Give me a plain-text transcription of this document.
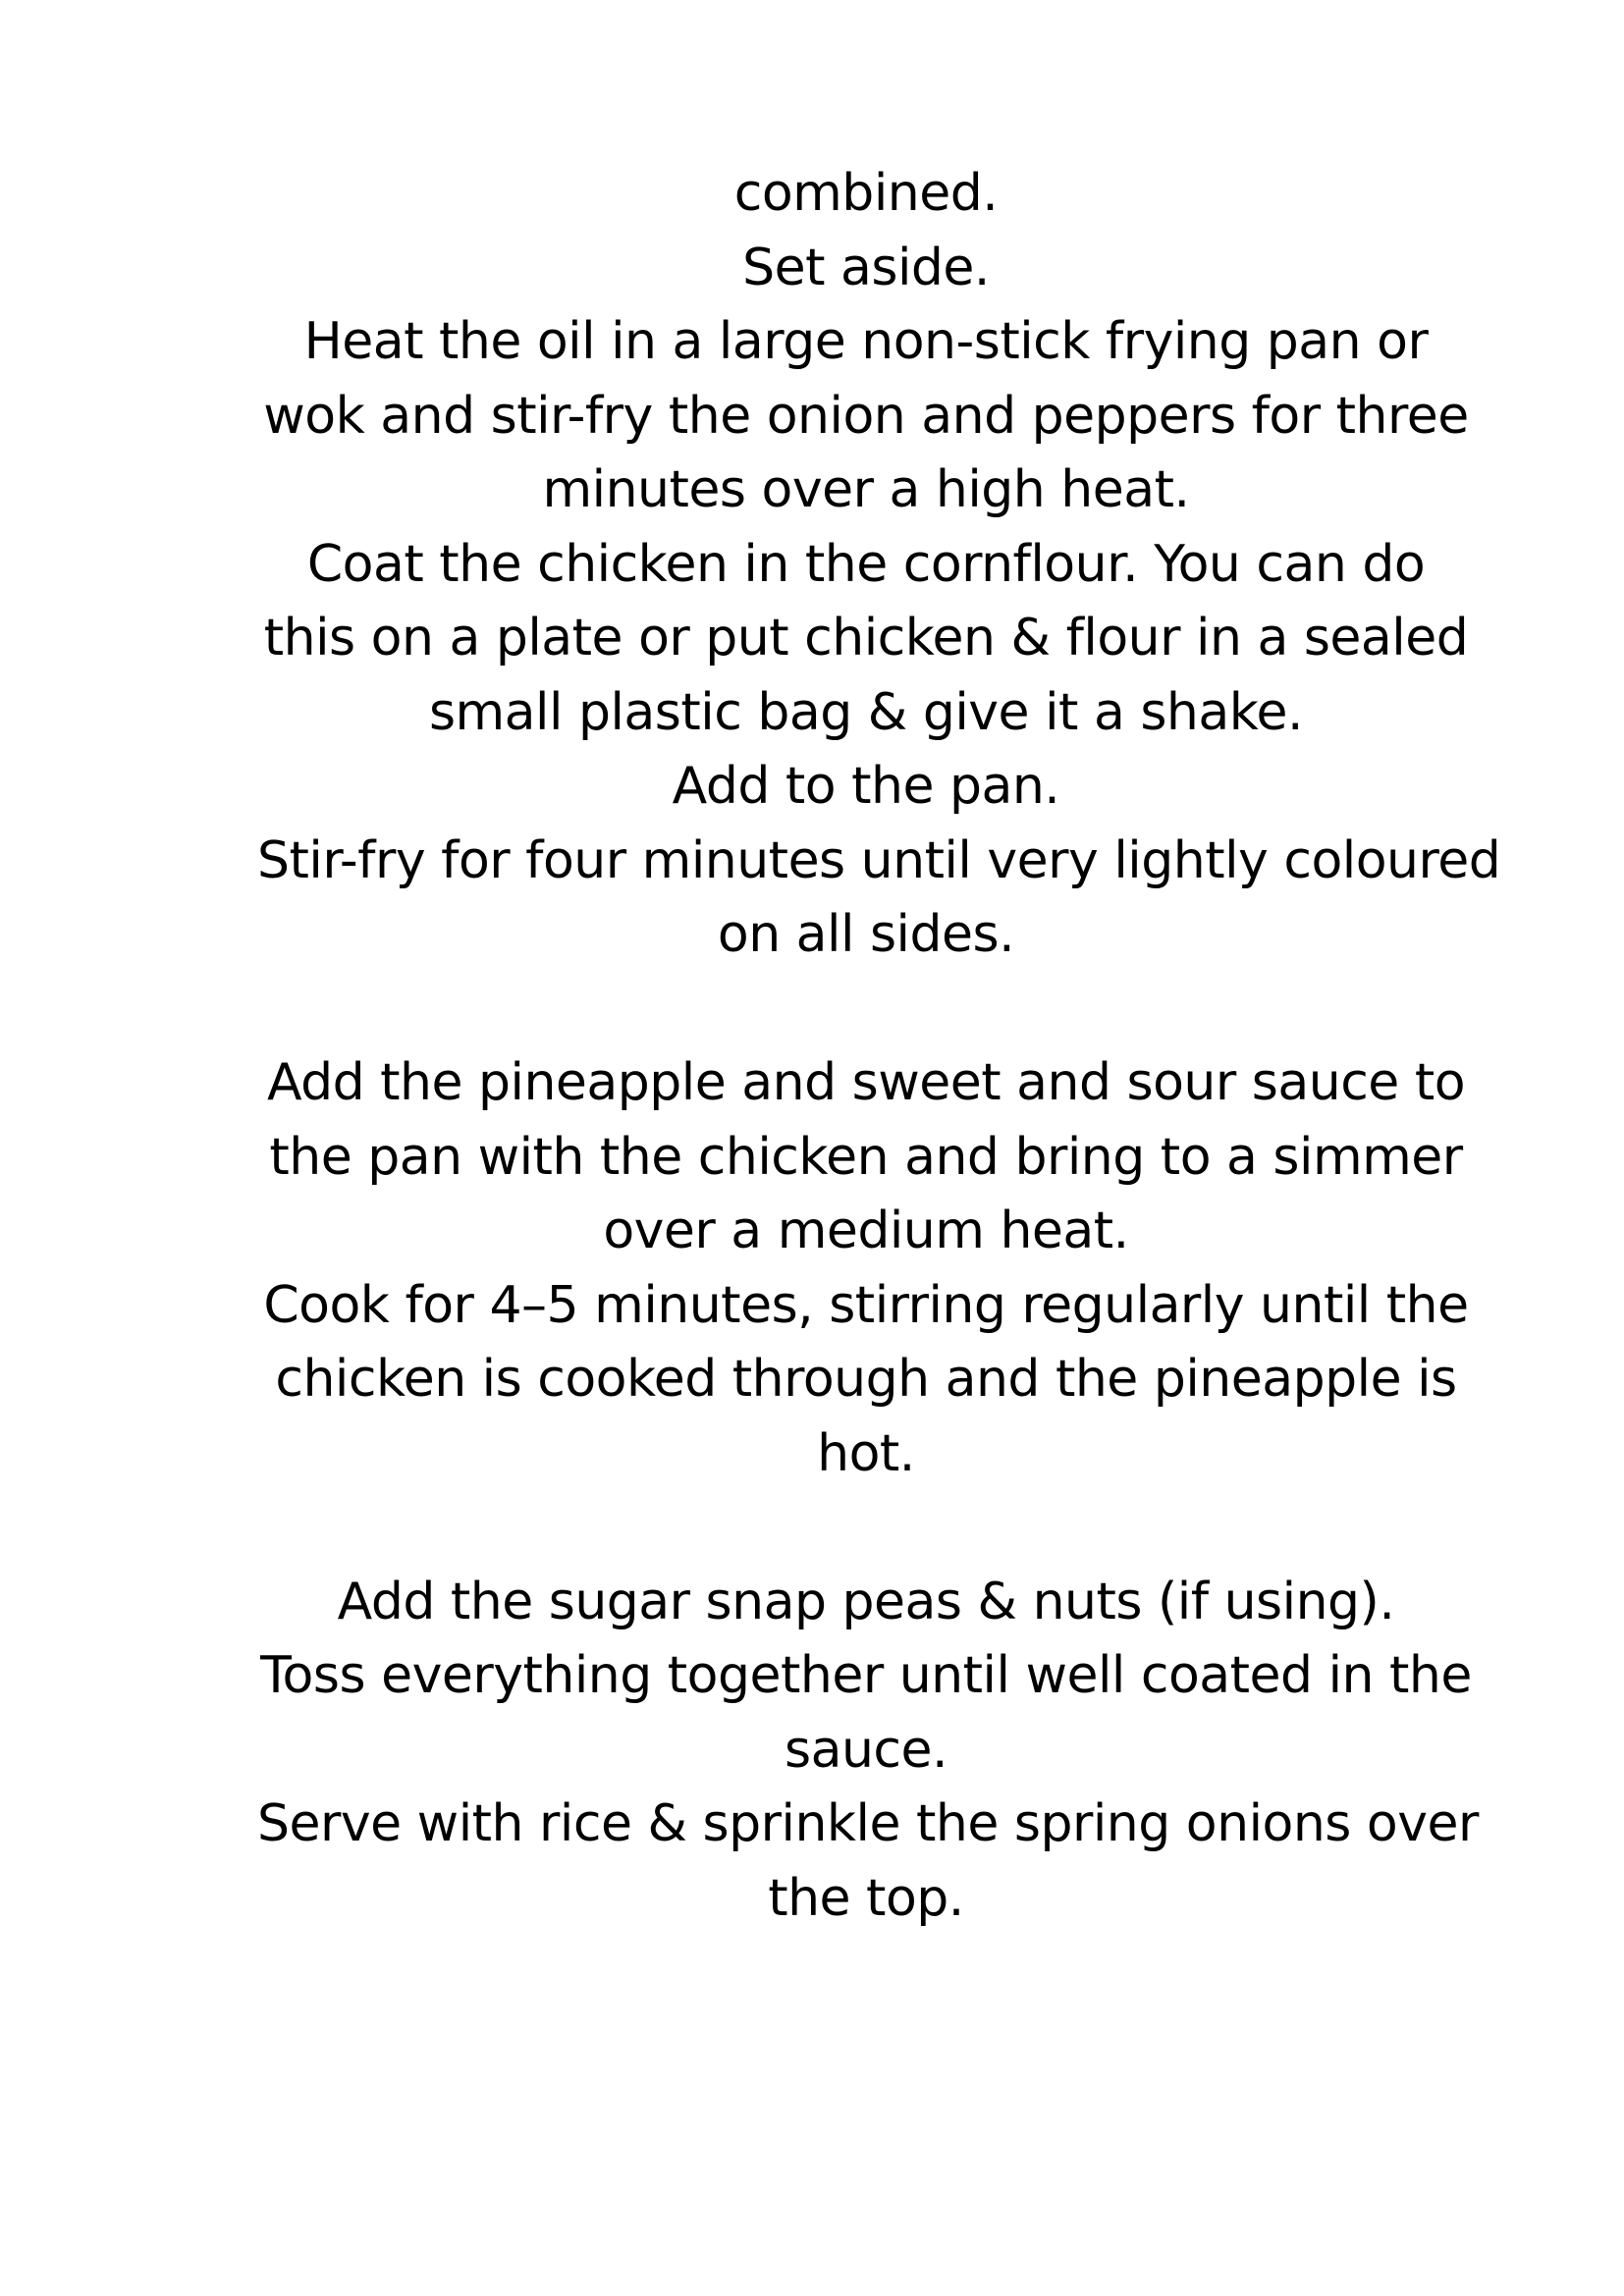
combined.
Set aside.
Heat the oil in a large non-stick frying pan or
wok and stir-fry the onion and peppers for three
minutes over a high heat.
Coat the chicken in the cornflour. You can do
this on a plate or put chicken & flour in a sealed
small plastic bag & give it a shake.
Add to the pan.
Stir-fry for four minutes until very lightly coloured
on all sides.
Add the pineapple and sweet and sour sauce to
the pan with the chicken and bring to a simmer
over a medium heat.
Cook for 4–5 minutes, stirring regularly until the
chicken is cooked through and the pineapple is
hot.
Add the sugar snap peas & nuts (if using).
Toss everything together until well coated in the
sauce.
Serve with rice & sprinkle the spring onions over
the top.
